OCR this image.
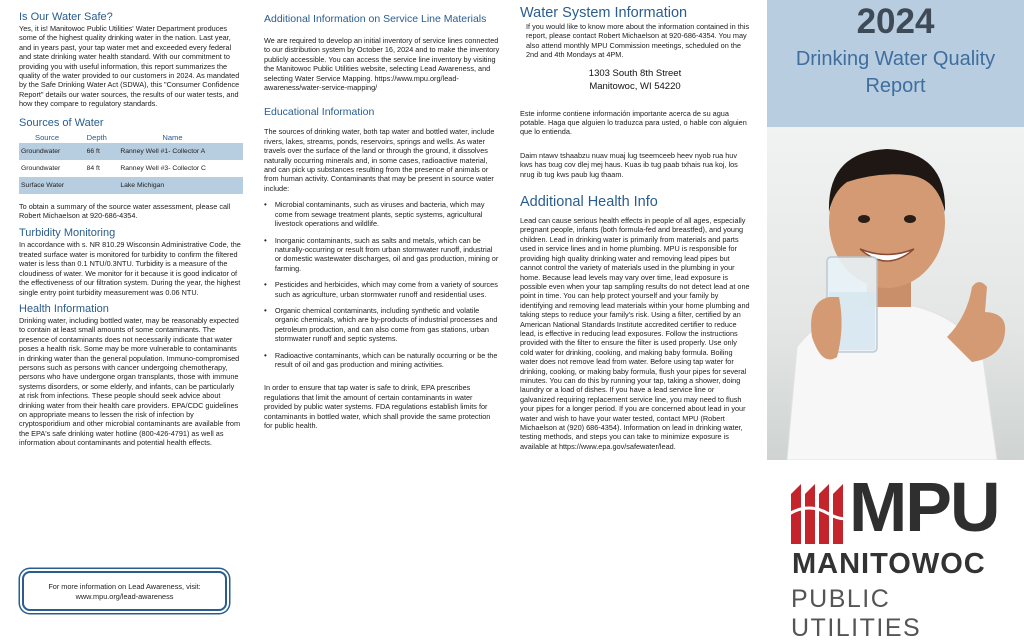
Is Our Water Safe?

Yes, it is! Manitowoc Public Utilities' Water Department produces some of the highest quality drinking water in the nation. Last year, and in years past, your tap water met and exceeded every federal and state drinking water health standard. With our commitment to providing you with useful information, this report summarizes the quality of the water provided to our customers in 2024. As mandated by the Safe Drinking Water Act (SDWA), this "Consumer Confidence Report" details our water sources, the results of our water tests, and how they compare to regulatory standards.

Sources of Water
Source	Depth	Name
Groundwater	66 ft	Ranney Well #1- Collector A
Groundwater	84 ft	Ranney Well #3- Collector C
Surface Water		Lake Michigan

To obtain a summary of the source water assessment, please call Robert Michaelson at 920-686-4354.

Turbidity Monitoring

In accordance with s. NR 810.29 Wisconsin Administrative Code, the treated surface water is monitored for turbidity to confirm the filtered water is less than 0.1 NTU/0.3NTU. Turbidity is a measure of the cloudiness of water. We monitor for it because it is good indicator of the effectiveness of our filtration system. During the year, the highest single entry point turbidity measurement was 0.06 NTU.

Health Information

Drinking water, including bottled water, may be reasonably expected to contain at least small amounts of some contaminants. The presence of contaminants does not necessarily indicate that water poses a health risk. Some may be more vulnerable to contaminants in drinking water than the general population. Immuno-compromised persons such as persons with cancer undergoing chemotherapy, persons who have undergone organ transplants, those with immune systems disorders, or some elderly, and infants, can be particularly at risk from infections. These people should seek advice about drinking water from their health care providers. EPA/CDC guidelines on appropriate means to lessen the risk of infection by cryptosporidium and other microbial contaminants are available from the EPA's safe drinking water hotline (800-426-4791) as well as information about contaminants and potential health effects.

For more information on Lead Awareness, visit:
www.mpu.org/lead-awareness
Additional Information on Service Line Materials

We are required to develop an initial inventory of service lines connected to our distribution system by October 16, 2024 and to make the inventory publicly accessible. You can access the service line inventory by visiting the Manitowoc Public Utilities website, selecting Lead Awareness, and selecting Water Service Mapping. https://www.mpu.org/lead-awareness/water-service-mapping/

Educational Information

The sources of drinking water, both tap water and bottled water, include rivers, lakes, streams, ponds, reservoirs, springs and wells. As water travels over the surface of the land or through the ground, it dissolves naturally occurring minerals and, in some cases, radioactive material, and can pick up substances resulting from the presence of animals or from human activity. Contaminants that may be present in source water include:

• Microbial contaminants, such as viruses and bacteria, which may come from sewage treatment plants, septic systems, agricultural livestock operations and wildlife.

• Inorganic contaminants, such as salts and metals, which can be naturally-occurring or result from urban stormwater runoff, industrial or domestic wastewater discharges, oil and gas production, mining or farming.

• Pesticides and herbicides, which may come from a variety of sources such as agriculture, urban stormwater runoff and residential uses.

• Organic chemical contaminants, including synthetic and volatile organic chemicals, which are by-products of industrial processes and petroleum production, and can also come from gas stations, urban stormwater runoff and septic systems.

• Radioactive contaminants, which can be naturally occurring or be the result of oil and gas production and mining activities.

In order to ensure that tap water is safe to drink, EPA prescribes regulations that limit the amount of certain contaminants in water provided by public water systems. FDA regulations establish limits for contaminants in bottled water, which shall provide the same protection for public health.

Water System Information

If you would like to know more about the information contained in this report, please contact Robert Michaelson at 920-686-4354. You may also attend monthly MPU Commission meetings, scheduled on the 2nd and 4th Mondays at 4PM.

1303 South 8th Street
Manitowoc, WI 54220

Este informe contiene información importante acerca de su agua potable. Haga que alguien lo traduzca para usted, o hable con alguien que lo entienda.

Daim ntawv tshaabzu nuav muaj lug tseemceeb heev nyob rua huv kws has txug cov dlej mej haus. Kuas ib tug paab txhais rua koj, los nrug ib tug kws paub lug thaam.

Additional Health Info

Lead can cause serious health effects in people of all ages, especially pregnant people, infants (both formula-fed and breastfed), and young children. Lead in drinking water is primarily from materials and parts used in service lines and in home plumbing. MPU is responsible for providing high quality drinking water and removing lead pipes but cannot control the variety of materials used in the plumbing in your home. Because lead levels may vary over time, lead exposure is possible even when your tap sampling results do not detect lead at one point in time. You can help protect yourself and your family by identifying and removing lead materials within your home plumbing and taking steps to reduce your family's risk. Using a filter, certified by an American National Standards Institute accredited certifier to reduce lead, is effective in reducing lead exposures. Follow the instructions provided with the filter to ensure the filter is used properly. Use only cold water for drinking, cooking, and making baby formula. Boiling water does not remove lead from water. Before using tap water for drinking, cooking, or making baby formula, flush your pipes for several minutes. You can do this by running your tap, taking a shower, doing laundry or a load of dishes. If you have a lead service line or galvanized requiring replacement service line, you may need to flush your pipes for a longer period. If you are concerned about lead in your water and wish to have your water tested, contact MPU (Robert Michaelson at (920) 686-4354). Information on lead in drinking water, testing methods, and steps you can take to minimize exposure is available at https://www.epa.gov/safewater/lead.

2024
Drinking Water Quality
Report
MPU
MANITOWOC
PUBLIC UTILITIES
